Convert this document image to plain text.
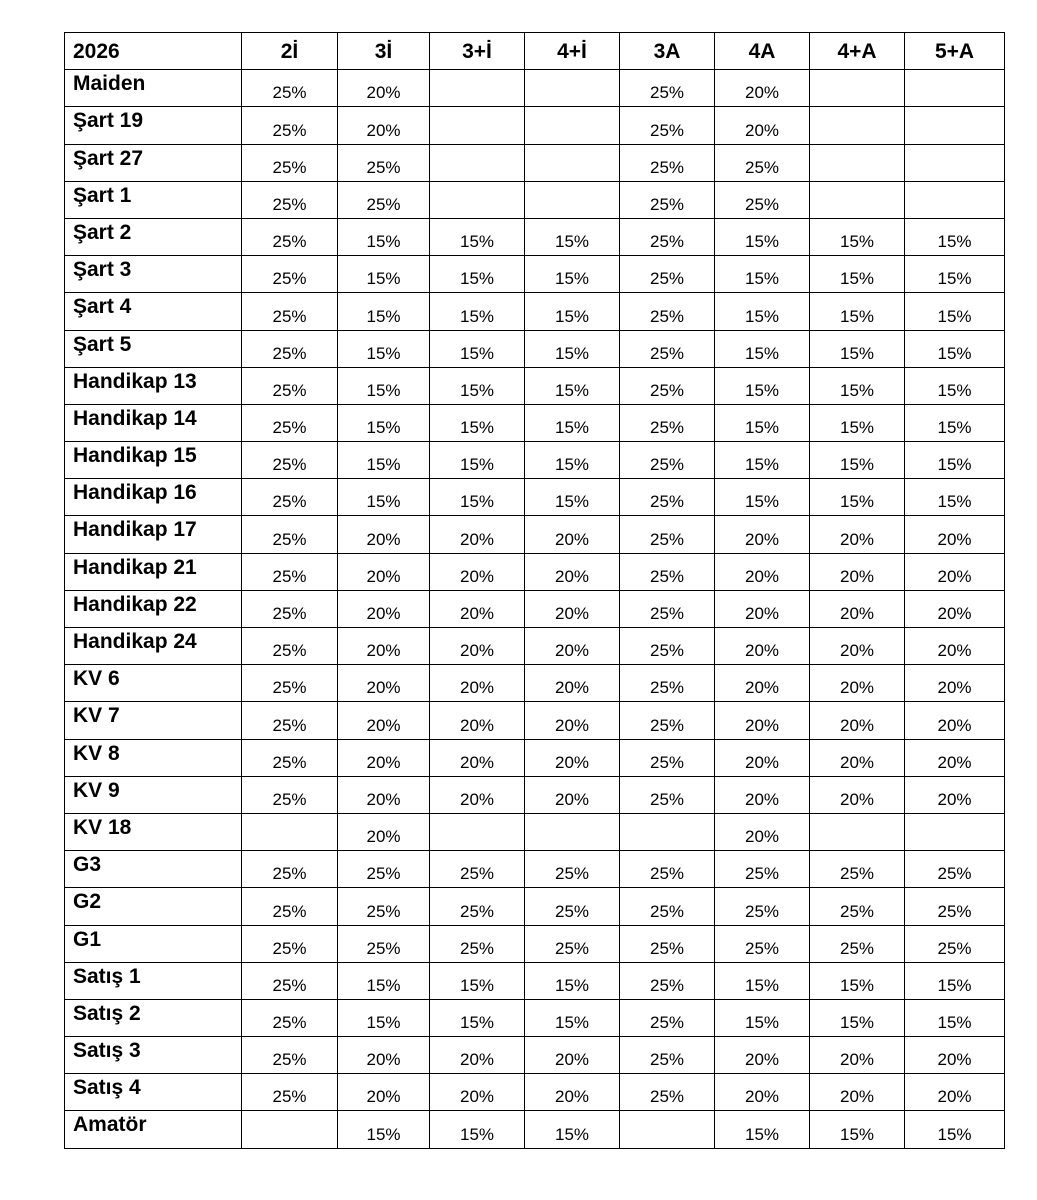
2026	2İ	3İ	3+İ	4+İ	3A	4A	4+A	5+A
Maiden	25%	20%			25%	20%		
Şart 19	25%	20%			25%	20%		
Şart 27	25%	25%			25%	25%		
Şart 1	25%	25%			25%	25%		
Şart 2	25%	15%	15%	15%	25%	15%	15%	15%
Şart 3	25%	15%	15%	15%	25%	15%	15%	15%
Şart 4	25%	15%	15%	15%	25%	15%	15%	15%
Şart 5	25%	15%	15%	15%	25%	15%	15%	15%
Handikap 13	25%	15%	15%	15%	25%	15%	15%	15%
Handikap 14	25%	15%	15%	15%	25%	15%	15%	15%
Handikap 15	25%	15%	15%	15%	25%	15%	15%	15%
Handikap 16	25%	15%	15%	15%	25%	15%	15%	15%
Handikap 17	25%	20%	20%	20%	25%	20%	20%	20%
Handikap 21	25%	20%	20%	20%	25%	20%	20%	20%
Handikap 22	25%	20%	20%	20%	25%	20%	20%	20%
Handikap 24	25%	20%	20%	20%	25%	20%	20%	20%
KV 6	25%	20%	20%	20%	25%	20%	20%	20%
KV 7	25%	20%	20%	20%	25%	20%	20%	20%
KV 8	25%	20%	20%	20%	25%	20%	20%	20%
KV 9	25%	20%	20%	20%	25%	20%	20%	20%
KV 18		20%				20%		
G3	25%	25%	25%	25%	25%	25%	25%	25%
G2	25%	25%	25%	25%	25%	25%	25%	25%
G1	25%	25%	25%	25%	25%	25%	25%	25%
Satış 1	25%	15%	15%	15%	25%	15%	15%	15%
Satış 2	25%	15%	15%	15%	25%	15%	15%	15%
Satış 3	25%	20%	20%	20%	25%	20%	20%	20%
Satış 4	25%	20%	20%	20%	25%	20%	20%	20%
Amatör		15%	15%	15%		15%	15%	15%
